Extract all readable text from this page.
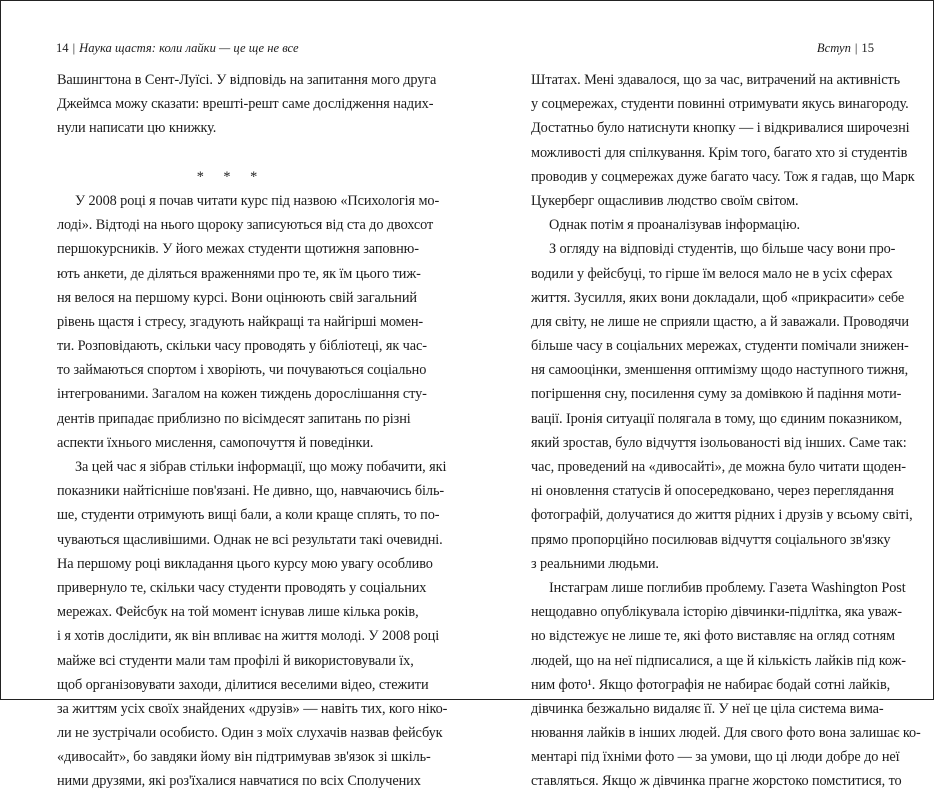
14 | Наука щастя: коли лайки — це ще не все
Вашингтона в Сент-Луїсі. У відповідь на запитання мого друга
Джеймса можу сказати: врешті-решт саме дослідження надих-
нули написати цю книжку.
* * *
У 2008 році я почав читати курс під назвою «Психологія мо-
лоді». Відтоді на нього щороку записуються від ста до двохсот
першокурсників. У його межах студенти щотижня заповню-
ють анкети, де діляться враженнями про те, як їм цього тиж-
ня велося на першому курсі. Вони оцінюють свій загальний
рівень щастя і стресу, згадують найкращі та найгірші момен-
ти. Розповідають, скільки часу проводять у бібліотеці, як час-
то займаються спортом і хворіють, чи почуваються соціально
інтегрованими. Загалом на кожен тиждень дорослішання сту-
дентів припадає приблизно по вісімдесят запитань по різні
аспекти їхнього мислення, самопочуття й поведінки.
За цей час я зібрав стільки інформації, що можу побачити, які
показники найтісніше пов'язані. Не дивно, що, навчаючись біль-
ше, студенти отримують вищі бали, а коли краще сплять, то по-
чуваються щасливішими. Однак не всі результати такі очевидні.
На першому році викладання цього курсу мою увагу особливо
привернуло те, скільки часу студенти проводять у соціальних
мережах. Фейсбук на той момент існував лише кілька років,
і я хотів дослідити, як він впливає на життя молоді. У 2008 році
майже всі студенти мали там профілі й використовували їх,
щоб організовувати заходи, ділитися веселими відео, стежити
за життям усіх своїх знайдених «друзів» — навіть тих, кого ніко-
ли не зустрічали особисто. Один з моїх слухачів назвав фейсбук
«дивосайт», бо завдяки йому він підтримував зв'язок зі шкіль-
ними друзями, які роз'їхалися навчатися по всіх Сполучених
Вступ | 15
Штатах. Мені здавалося, що за час, витрачений на активність
у соцмережах, студенти повинні отримувати якусь винагороду.
Достатньо було натиснути кнопку — і відкривалися широчезні
можливості для спілкування. Крім того, багато хто зі студентів
проводив у соцмережах дуже багато часу. Тож я гадав, що Марк
Цукерберг ощасливив людство своїм світом.
Однак потім я проаналізував інформацію.
З огляду на відповіді студентів, що більше часу вони про-
водили у фейсбуці, то гірше їм велося мало не в усіх сферах
життя. Зусилля, яких вони докладали, щоб «прикрасити» себе
для світу, не лише не сприяли щастю, а й заважали. Проводячи
більше часу в соціальних мережах, студенти помічали знижен-
ня самооцінки, зменшення оптимізму щодо наступного тижня,
погіршення сну, посилення суму за домівкою й падіння моти-
вації. Іронія ситуації полягала в тому, що єдиним показником,
який зростав, було відчуття ізольованості від інших. Саме так:
час, проведений на «дивосайті», де можна було читати щоден-
ні оновлення статусів й опосередковано, через переглядання
фотографій, долучатися до життя рідних і друзів у всьому світі,
прямо пропорційно посилював відчуття соціального зв'язку
з реальними людьми.
Інстаграм лише поглибив проблему. Газета Washington Post
нещодавно опублікувала історію дівчинки-підлітка, яка уваж-
но відстежує не лише те, які фото виставляє на огляд сотням
людей, що на неї підписалися, а ще й кількість лайків під кож-
ним фото¹. Якщо фотографія не набирає бодай сотні лайків,
дівчинка безжально видаляє її. У неї це ціла система вима-
нювання лайків в інших людей. Для свого фото вона залишає ко-
ментарі під їхніми фото — за умови, що ці люди добре до неї
ставляться. Якщо ж дівчинка прагне жорстоко помститися, то
